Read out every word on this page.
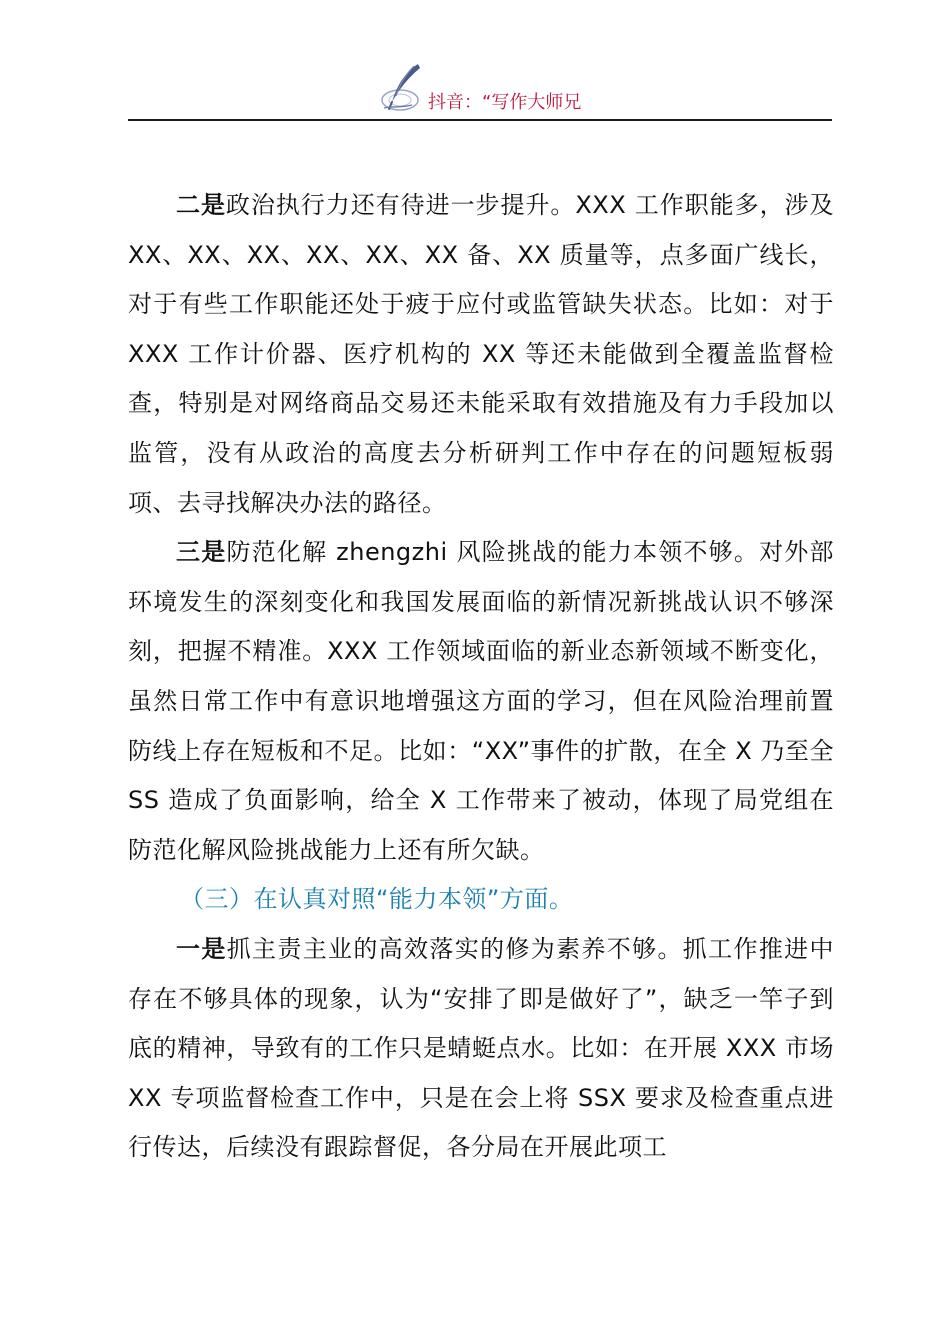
抖音：“写作大师兄

二是政治执行力还有待进一步提升。XXX 工作职能多，涉及 XX、XX、XX、XX、XX、XX 备、XX 质量等，点多面广线长，对于有些工作职能还处于疲于应付或监管缺失状态。比如：对于 XXX 工作计价器、医疗机构的 XX 等还未能做到全覆盖监督检查，特别是对网络商品交易还未能采取有效措施及有力手段加以监管，没有从政治的高度去分析研判工作中存在的问题短板弱项、去寻找解决办法的路径。

三是防范化解 zhengzhi 风险挑战的能力本领不够。对外部环境发生的深刻变化和我国发展面临的新情况新挑战认识不够深刻，把握不精准。XXX 工作领域面临的新业态新领域不断变化，虽然日常工作中有意识地增强这方面的学习，但在风险治理前置防线上存在短板和不足。比如：“XX”事件的扩散，在全 X 乃至全 SS 造成了负面影响，给全 X 工作带来了被动，体现了局党组在防范化解风险挑战能力上还有所欠缺。

（三）在认真对照“能力本领”方面。

一是抓主责主业的高效落实的修为素养不够。抓工作推进中存在不够具体的现象，认为“安排了即是做好了”，缺乏一竿子到底的精神，导致有的工作只是蜻蜓点水。比如：在开展 XXX 市场 XX 专项监督检查工作中，只是在会上将 SSX 要求及检查重点进行传达，后续没有跟踪督促，各分局在开展此项工
